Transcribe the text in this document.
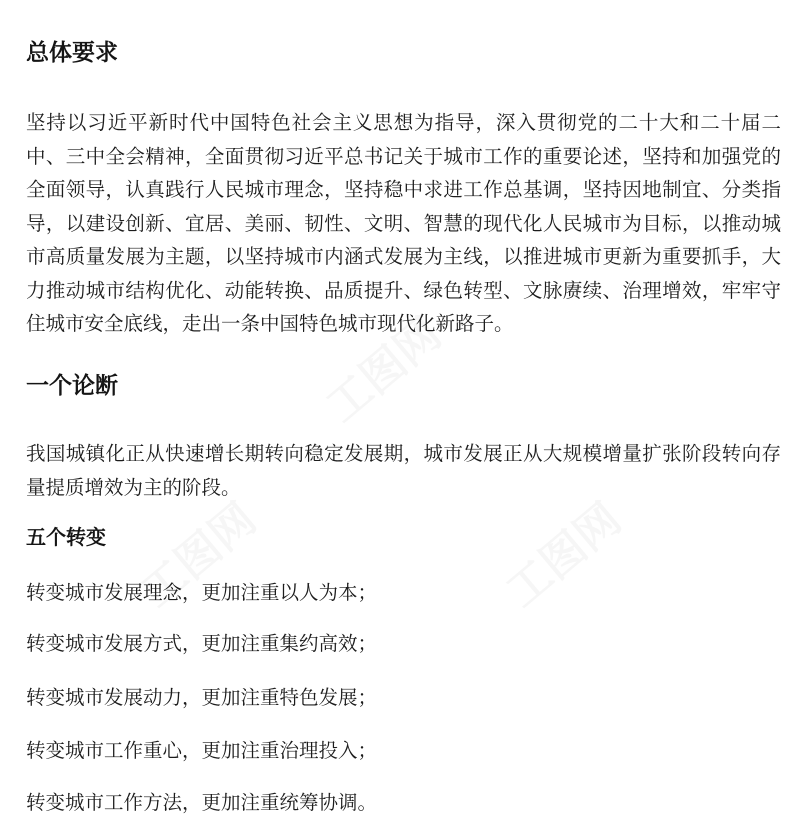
总体要求
坚持以习近平新时代中国特色社会主义思想为指导，深入贯彻党的二十大和二十届二中、三中全会精神，全面贯彻习近平总书记关于城市工作的重要论述，坚持和加强党的全面领导，认真践行人民城市理念，坚持稳中求进工作总基调，坚持因地制宜、分类指导，以建设创新、宜居、美丽、韧性、文明、智慧的现代化人民城市为目标，以推动城市高质量发展为主题，以坚持城市内涵式发展为主线，以推进城市更新为重要抓手，大力推动城市结构优化、动能转换、品质提升、绿色转型、文脉赓续、治理增效，牢牢守住城市安全底线，走出一条中国特色城市现代化新路子。
一个论断
我国城镇化正从快速增长期转向稳定发展期，城市发展正从大规模增量扩张阶段转向存量提质增效为主的阶段。
五个转变
转变城市发展理念，更加注重以人为本；
转变城市发展方式，更加注重集约高效；
转变城市发展动力，更加注重特色发展；
转变城市工作重心，更加注重治理投入；
转变城市工作方法，更加注重统筹协调。
